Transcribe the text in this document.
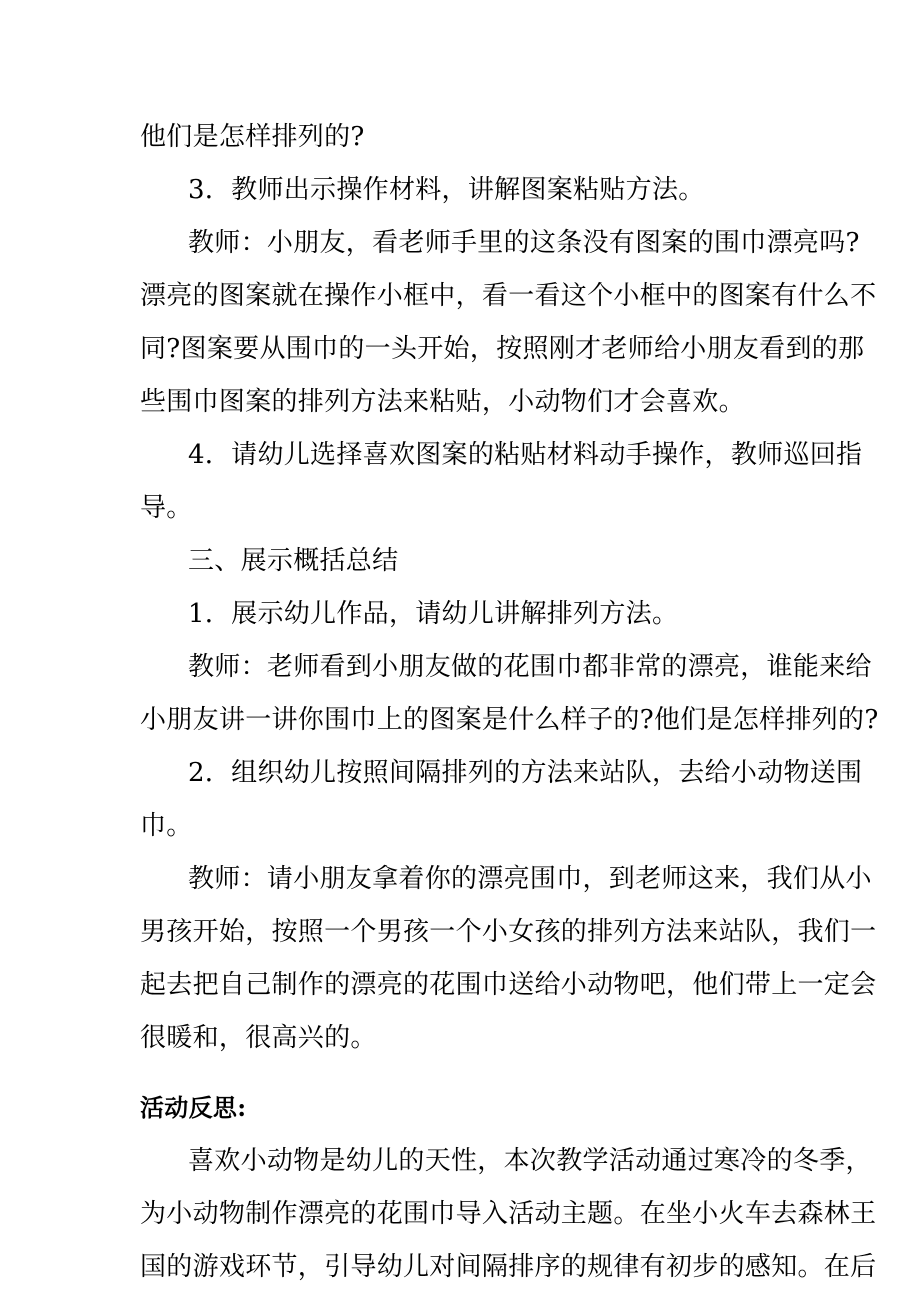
他们是怎样排列的?
3．教师出示操作材料，讲解图案粘贴方法。
教师：小朋友，看老师手里的这条没有图案的围巾漂亮吗?
漂亮的图案就在操作小框中，看一看这个小框中的图案有什么不
同?图案要从围巾的一头开始，按照刚才老师给小朋友看到的那
些围巾图案的排列方法来粘贴，小动物们才会喜欢。
4．请幼儿选择喜欢图案的粘贴材料动手操作，教师巡回指
导。
三、展示概括总结
1．展示幼儿作品，请幼儿讲解排列方法。
教师：老师看到小朋友做的花围巾都非常的漂亮，谁能来给
小朋友讲一讲你围巾上的图案是什么样子的?他们是怎样排列的?
2．组织幼儿按照间隔排列的方法来站队，去给小动物送围
巾。
教师：请小朋友拿着你的漂亮围巾，到老师这来，我们从小
男孩开始，按照一个男孩一个小女孩的排列方法来站队，我们一
起去把自己制作的漂亮的花围巾送给小动物吧，他们带上一定会
很暖和，很高兴的。
活动反思:
喜欢小动物是幼儿的天性，本次教学活动通过寒冷的冬季，
为小动物制作漂亮的花围巾导入活动主题。在坐小火车去森林王
国的游戏环节，引导幼儿对间隔排序的规律有初步的感知。在后
